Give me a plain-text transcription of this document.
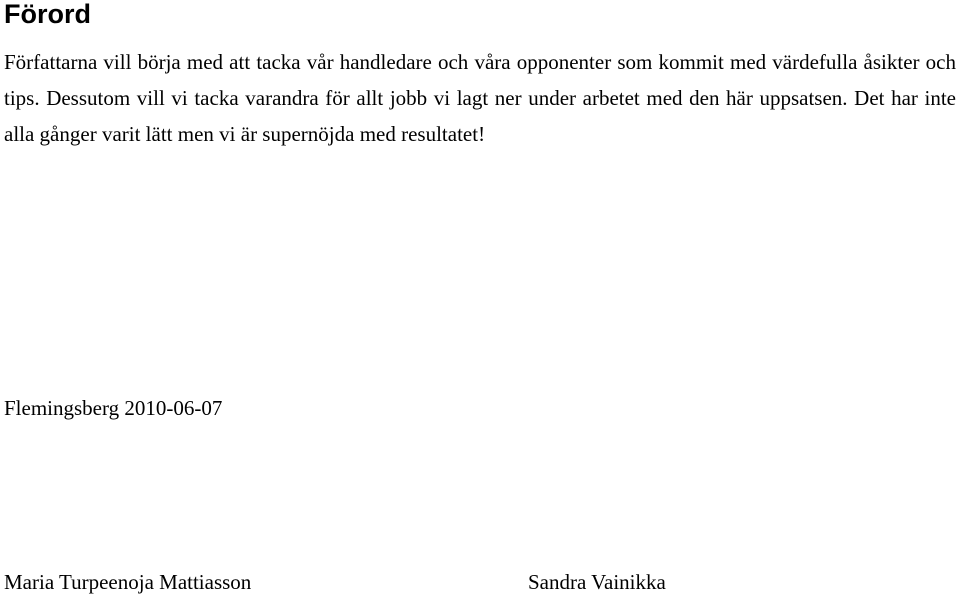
Förord

Författarna vill börja med att tacka vår handledare och våra opponenter som kommit med värdefulla åsikter och tips. Dessutom vill vi tacka varandra för allt jobb vi lagt ner under arbetet med den här uppsatsen. Det har inte alla gånger varit lätt men vi är supernöjda med resultatet!

Flemingsberg 2010-06-07

Maria Turpeenoja Mattiasson	Sandra Vainikka
